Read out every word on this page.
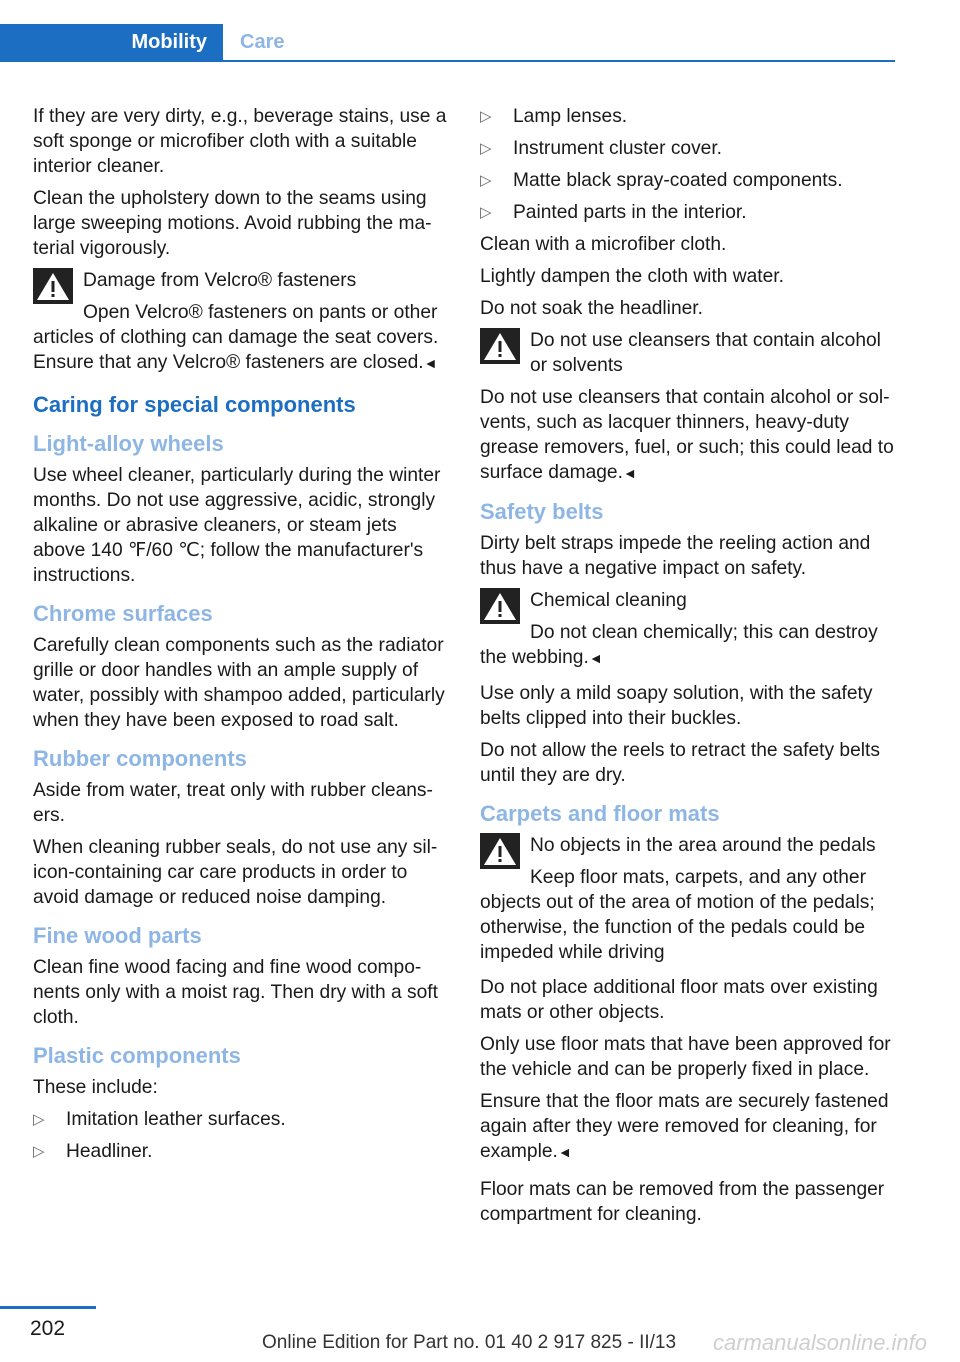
Mobility Care

If they are very dirty, e.g., beverage stains, use a soft sponge or microfiber cloth with a suitable interior cleaner.

Clean the upholstery down to the seams using large sweeping motions. Avoid rubbing the material vigorously.

Damage from Velcro® fasteners
Open Velcro® fasteners on pants or other
articles of clothing can damage the seat covers. Ensure that any Velcro® fasteners are closed.◄
Caring for special components
Light-alloy wheels

Use wheel cleaner, particularly during the winter months. Do not use aggressive, acidic, strongly alkaline or abrasive cleaners, or steam jets above 140 ℉/60 ℃; follow the manufacturer's instructions.

Chrome surfaces

Carefully clean components such as the radiator grille or door handles with an ample supply of water, possibly with shampoo added, particularly when they have been exposed to road salt.

Rubber components

Aside from water, treat only with rubber cleansers.

When cleaning rubber seals, do not use any silicon-containing car care products in order to avoid damage or reduced noise damping.

Fine wood parts

Clean fine wood facing and fine wood components only with a moist rag. Then dry with a soft cloth.

Plastic components

These include:

▷ Imitation leather surfaces.
▷ Headliner.
▷ Lamp lenses.
▷ Instrument cluster cover.
▷ Matte black spray-coated components.
▷ Painted parts in the interior.

Clean with a microfiber cloth.

Lightly dampen the cloth with water.

Do not soak the headliner.

Do not use cleansers that contain alcohol or solvents
Do not use cleansers that contain alcohol or solvents, such as lacquer thinners, heavy-duty grease removers, fuel, or such; this could lead to surface damage.◄
Safety belts

Dirty belt straps impede the reeling action and thus have a negative impact on safety.

Chemical cleaning
Do not clean chemically; this can destroy
the webbing.◄

Use only a mild soapy solution, with the safety belts clipped into their buckles.

Do not allow the reels to retract the safety belts until they are dry.

Carpets and floor mats
No objects in the area around the pedals
Keep floor mats, carpets, and any other
objects out of the area of motion of the pedals; otherwise, the function of the pedals could be impeded while driving

Do not place additional floor mats over existing mats or other objects.

Only use floor mats that have been approved for the vehicle and can be properly fixed in place.

Ensure that the floor mats are securely fastened again after they were removed for cleaning, for example.◄

Floor mats can be removed from the passenger compartment for cleaning.

202
Online Edition for Part no. 01 40 2 917 825 - II/13 carmanualsonline.info
